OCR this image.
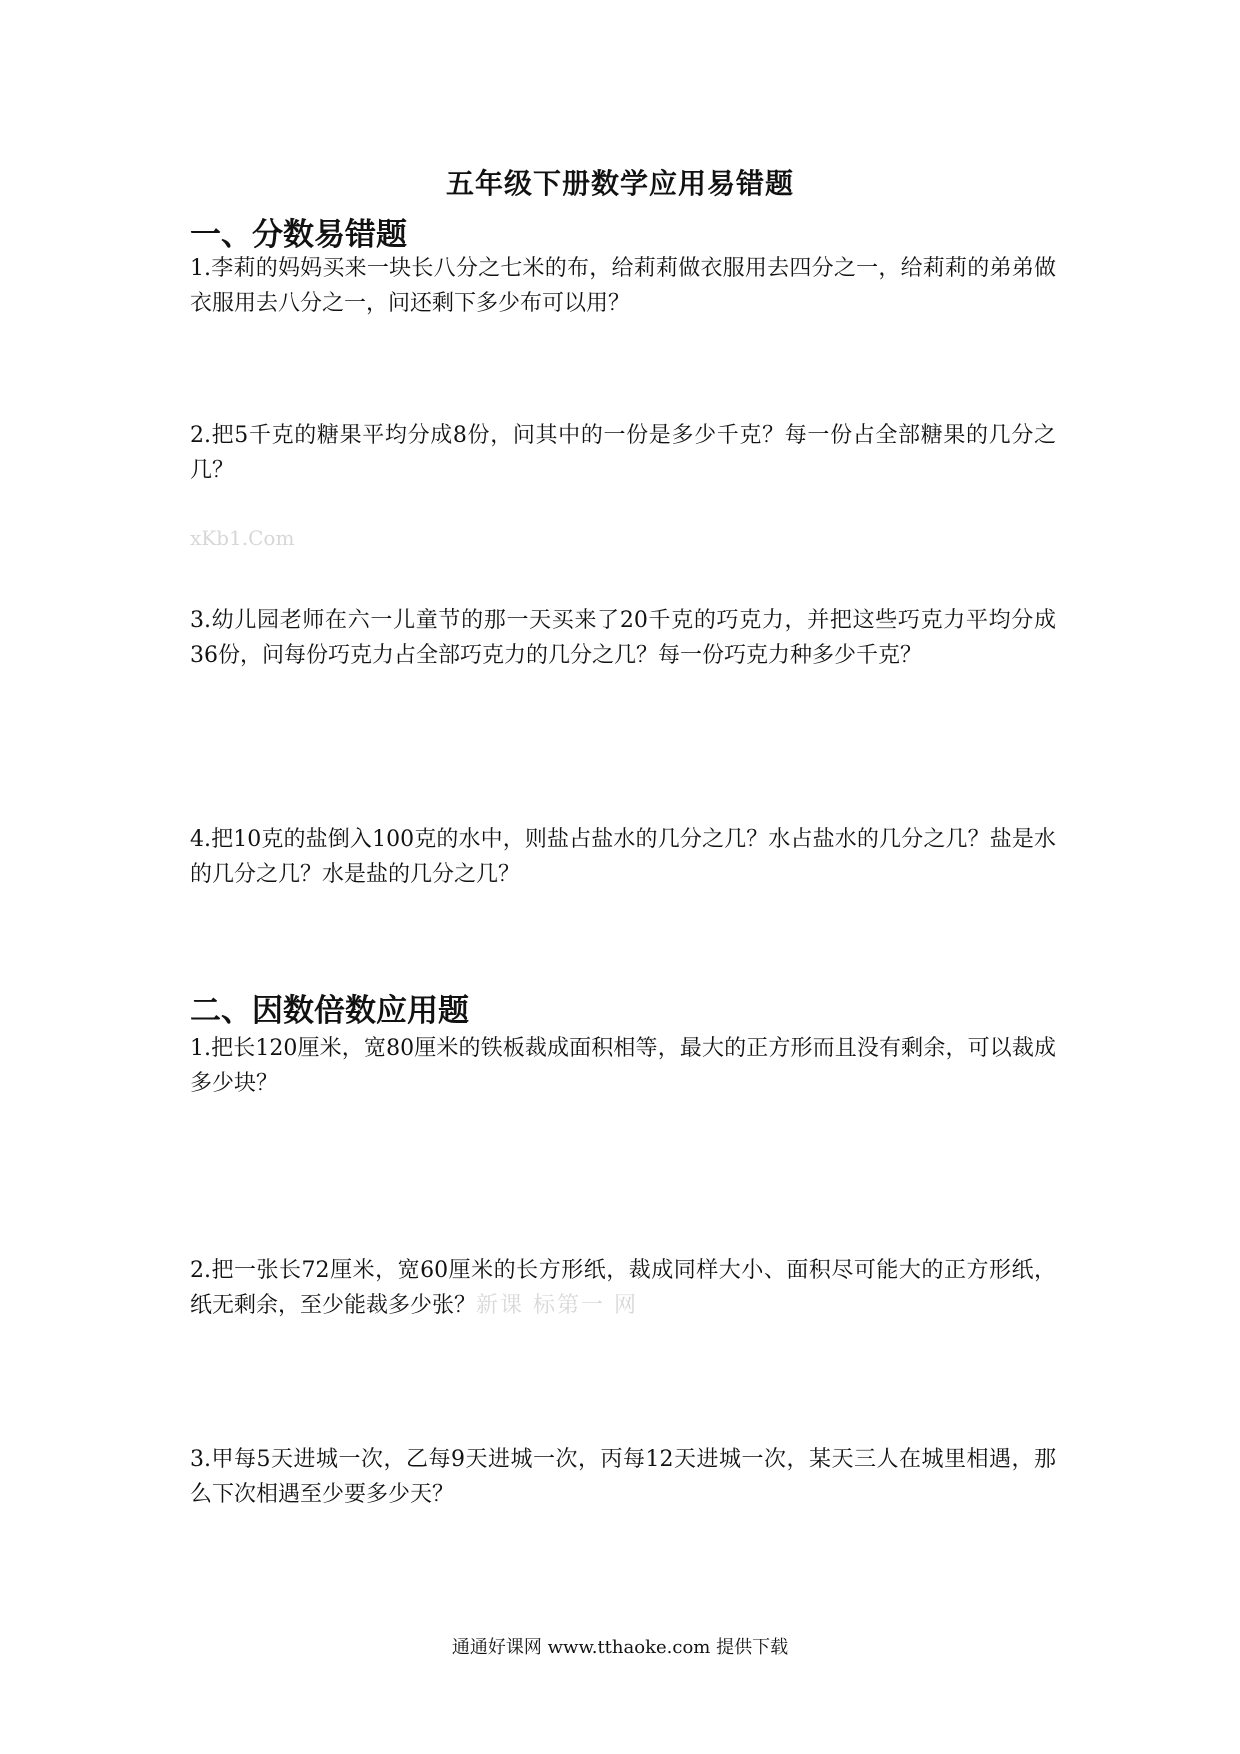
五年级下册数学应用易错题
一、分数易错题

1.李莉的妈妈买来一块长八分之七米的布，给莉莉做衣服用去四分之一，给莉莉的弟弟做衣服用去八分之一，问还剩下多少布可以用？

2.把5千克的糖果平均分成8份，问其中的一份是多少千克？每一份占全部糖果的几分之几？

xKb1.Com

3.幼儿园老师在六一儿童节的那一天买来了20千克的巧克力，并把这些巧克力平均分成36份，问每份巧克力占全部巧克力的几分之几？每一份巧克力种多少千克？

4.把10克的盐倒入100克的水中，则盐占盐水的几分之几？水占盐水的几分之几？盐是水的几分之几？水是盐的几分之几？

二、因数倍数应用题

1.把长120厘米，宽80厘米的铁板裁成面积相等，最大的正方形而且没有剩余，可以裁成多少块？

2.把一张长72厘米，宽60厘米的长方形纸，裁成同样大小、面积尽可能大的正方形纸，纸无剩余，至少能裁多少张？新课 标第一 网

3.甲每5天进城一次，乙每9天进城一次，丙每12天进城一次，某天三人在城里相遇，那么下次相遇至少要多少天？

通通好课网 www.tthaoke.com 提供下载
